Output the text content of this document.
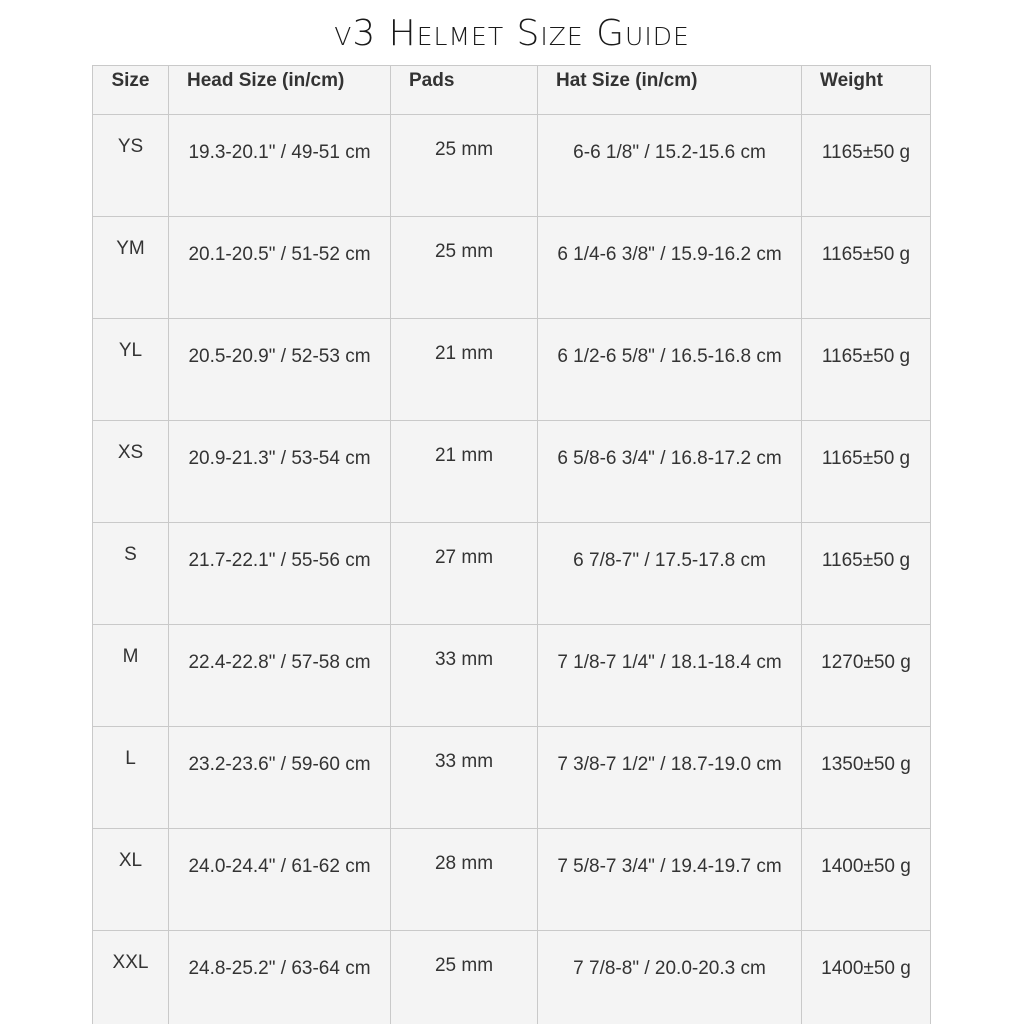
v3 Helmet Size Guide
Size	Head Size (in/cm)	Pads	Hat Size (in/cm)	Weight
YS	19.3-20.1" / 49-51 cm	25 mm	6-6 1/8" / 15.2-15.6 cm	1165±50 g
YM	20.1-20.5" / 51-52 cm	25 mm	6 1/4-6 3/8" / 15.9-16.2 cm	1165±50 g
YL	20.5-20.9" / 52-53 cm	21 mm	6 1/2-6 5/8" / 16.5-16.8 cm	1165±50 g
XS	20.9-21.3" / 53-54 cm	21 mm	6 5/8-6 3/4" / 16.8-17.2 cm	1165±50 g
S	21.7-22.1" / 55-56 cm	27 mm	6 7/8-7" / 17.5-17.8 cm	1165±50 g
M	22.4-22.8" / 57-58 cm	33 mm	7 1/8-7 1/4" / 18.1-18.4 cm	1270±50 g
L	23.2-23.6" / 59-60 cm	33 mm	7 3/8-7 1/2" / 18.7-19.0 cm	1350±50 g
XL	24.0-24.4" / 61-62 cm	28 mm	7 5/8-7 3/4" / 19.4-19.7 cm	1400±50 g
XXL	24.8-25.2" / 63-64 cm	25 mm	7 7/8-8" / 20.0-20.3 cm	1400±50 g
